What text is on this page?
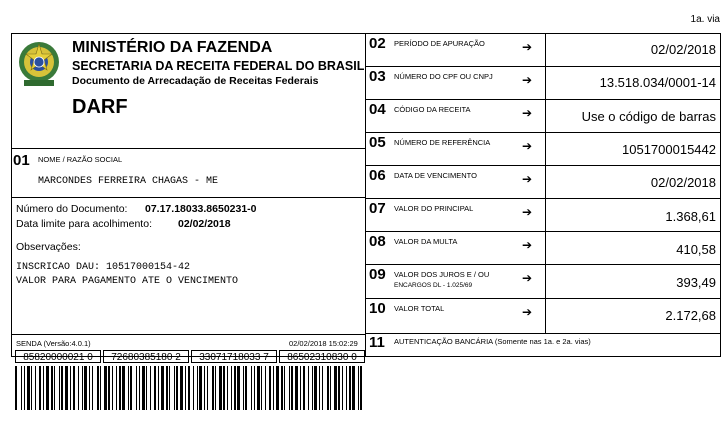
1a. via
MINISTÉRIO DA FAZENDA
SECRETARIA DA RECEITA FEDERAL DO BRASIL
Documento de Arrecadação de Receitas Federais
DARF
01 NOME / RAZÃO SOCIAL
MARCONDES FERREIRA CHAGAS - ME
Número do Documento: 07.17.18033.8650231-0
Data limite para acolhimento: 02/02/2018
Observações:
INSCRICAO DAU: 10517000154-42
VALOR PARA PAGAMENTO ATE O VENCIMENTO
SENDA (Versão:4.0.1)	02/02/2018 15:02:29
85820000021 0	72680385180 2	33071718033 7	86502310830 0
02 PERÍODO DE APURAÇÃO	➔	02/02/2018
03 NÚMERO DO CPF OU CNPJ ➔	13.518.034/0001-14
04 CÓDIGO DA RECEITA	➔	Use o código de barras
05 NÚMERO DE REFERÊNCIA	➔	1051700015442
06 DATA DE VENCIMENTO	➔	02/02/2018
07 VALOR DO PRINCIPAL	➔	1.368,61
08 VALOR DA MULTA	➔	410,58
09 VALOR DOS JUROS E / OU
ENCARGOS DL - 1.025/69
➔	393,49
10 VALOR TOTAL	➔	2.172,68
11 AUTENTICAÇÃO BANCÁRIA (Somente nas 1a. e 2a. vias)
